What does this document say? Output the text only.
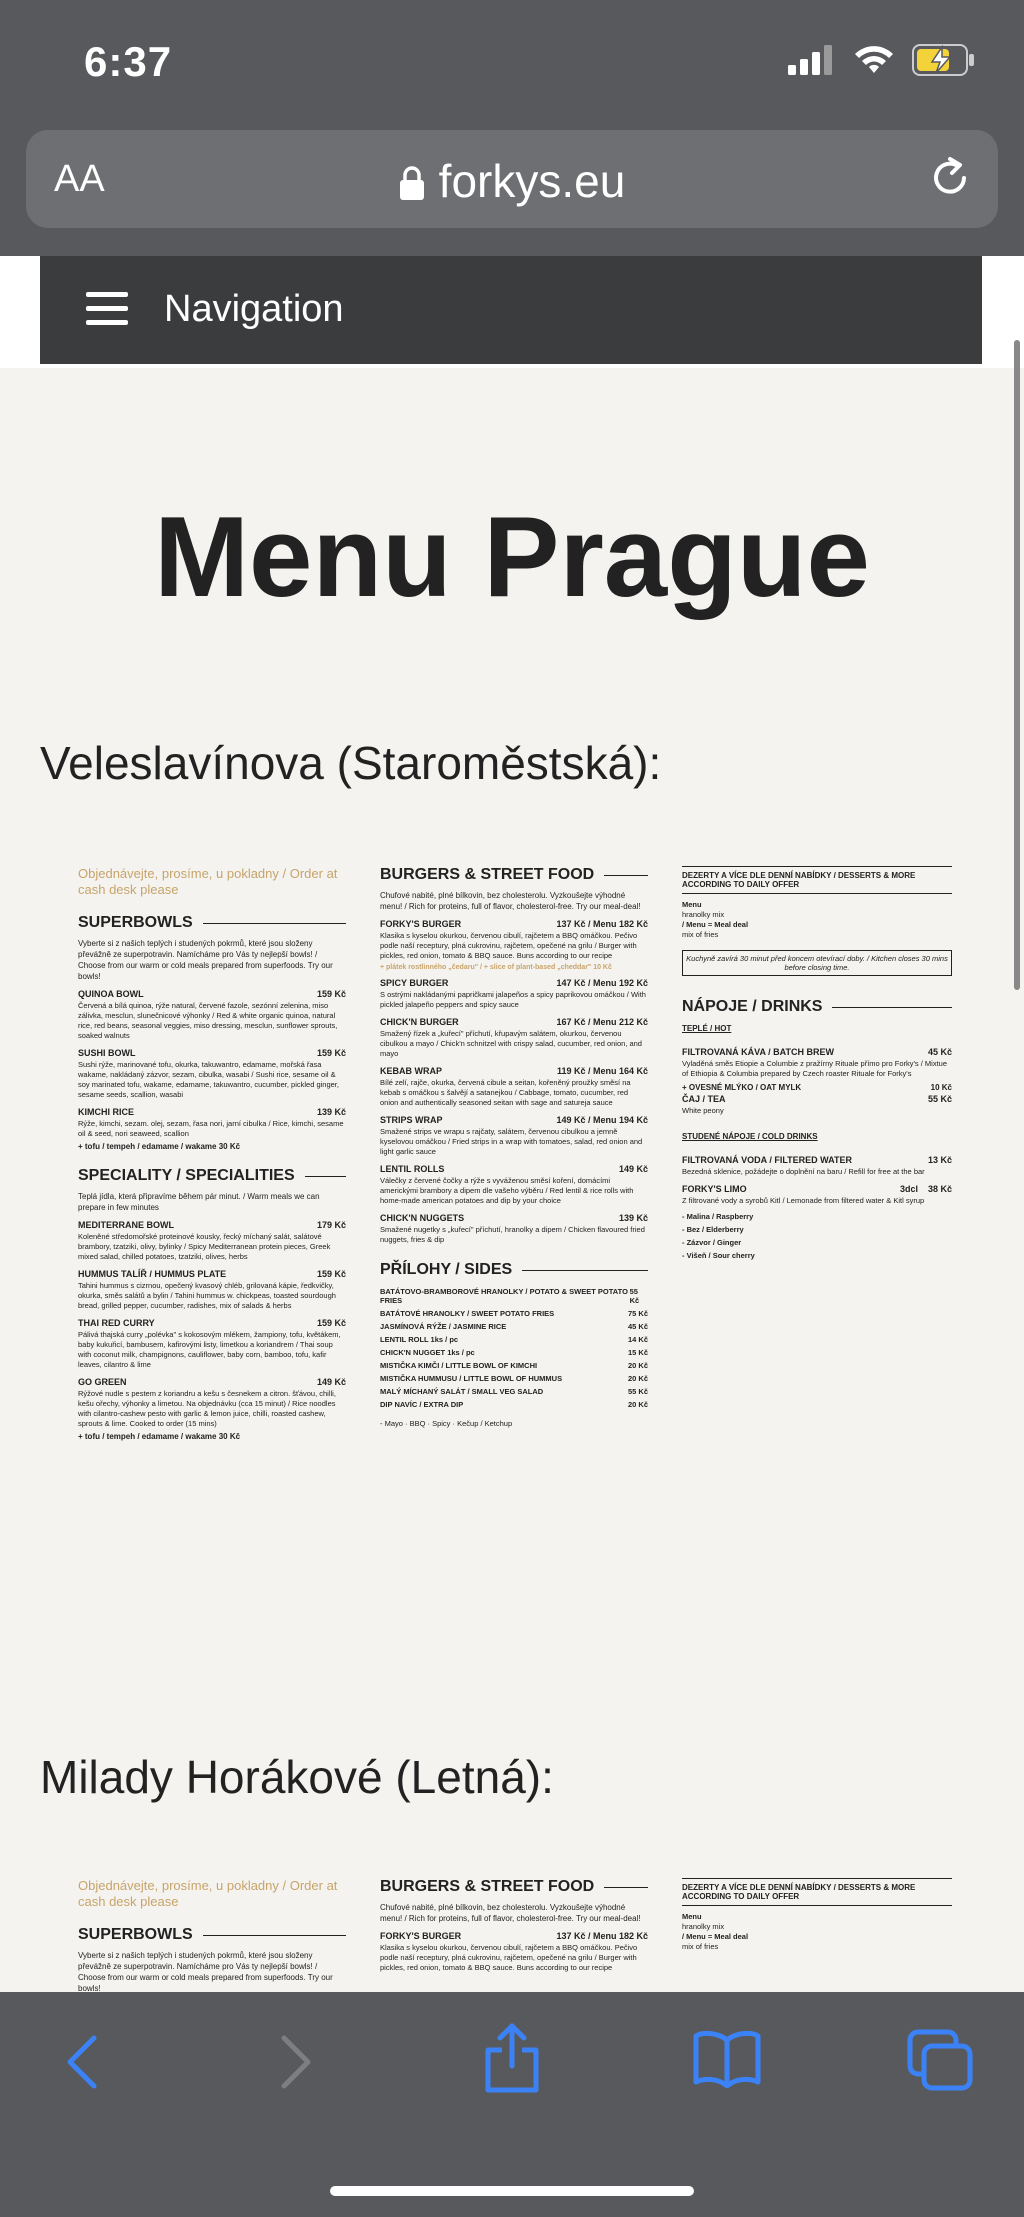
6:37
AA	forkys.eu
Navigation
Menu Prague
Veleslavínova (Staroměstská):
Objednávejte, prosíme, u pokladny / Order at cash desk please
SUPERBOWLS
Vyberte si z našich teplých i studených pokrmů, které jsou složeny převážně ze superpotravin. Namícháme pro Vás ty nejlepší bowls! / Choose from our warm or cold meals prepared from superfoods. Try our bowls!
QUINOA BOWL	159 Kč
Červená a bílá quinoa, rýže natural, červené fazole, sezónní zelenina, miso zálivka, mesclun, slunečnicové výhonky / Red & white organic quinoa, natural rice, red beans, seasonal veggies, miso dressing, mesclun, sunflower sprouts, soaked walnuts
SUSHI BOWL	159 Kč
Sushi rýže, marinované tofu, okurka, takuwantro, edamame, mořská řasa wakame, nakládaný zázvor, sezam, cibulka, wasabi / Sushi rice, sesame oil & soy marinated tofu, wakame, edamame, takuwantro, cucumber, pickled ginger, sesame seeds, scallion, wasabi
KIMCHI RICE	139 Kč
Rýže, kimchi, sezam. olej, sezam, řasa nori, jarní cibulka / Rice, kimchi, sesame oil & seed, nori seaweed, scallion
+ tofu / tempeh / edamame / wakame 30 Kč
SPECIALITY / SPECIALITIES
Teplá jídla, která připravíme během pár minut. / Warm meals we can prepare in few minutes
MEDITERRANE BOWL	179 Kč
Koleněné středomořské proteinové kousky, řecký míchaný salát, salátové brambory, tzatziki, olivy, bylinky / Spicy Mediterranean protein pieces, Greek mixed salad, chilled potatoes, tzatziki, olives, herbs
HUMMUS TALÍŘ / HUMMUS PLATE	159 Kč
Tahini hummus s cizrnou, opečený kvasový chléb, grilovaná kápie, ředkvičky, okurka, směs salátů a bylin / Tahini hummus w. chickpeas, toasted sourdough bread, grilled pepper, cucumber, radishes, mix of salads & herbs
THAI RED CURRY	159 Kč
Pálivá thajská curry „polévka" s kokosovým mlékem, žampiony, tofu, květákem, baby kukuřicí, bambusem, kafirovými listy, limetkou a koriandrem / Thai soup with coconut milk, champignons, cauliflower, baby corn, bamboo, tofu, kafir leaves, cilantro & lime
GO GREEN	149 Kč
Rýžové nudle s pestem z koriandru a kešu s česnekem a citron. šťávou, chilli, kešu ořechy, výhonky a limetou. Na objednávku (cca 15 minut) / Rice noodles with cilantro-cashew pesto with garlic & lemon juice, chilli, roasted cashew, sprouts & lime. Cooked to order (15 mins)
+ tofu / tempeh / edamame / wakame 30 Kč
BURGERS & STREET FOOD
Chufové nabité, plné bílkovin, bez cholesterolu. Vyzkoušejte výhodné menu! / Rich for proteins, full of flavor, cholesterol-free. Try our meal-deal!
FORKY'S BURGER	137 Kč / Menu 182 Kč
Klasika s kyselou okurkou, červenou cibulí, rajčetem a BBQ omáčkou. Pečivo podle naší receptury, plná cukrovinu, rajčetem, opečené na grilu / Burger with pickles, red onion, tomato & BBQ sauce. Buns according to our recipe
+ plátek rostlinného „čedaru" / + slice of plant-based „cheddar" 10 Kč
SPICY BURGER	147 Kč / Menu 192 Kč
S ostrými nakládanými papričkami jalapeños a spicy paprikovou omáčkou / With pickled jalapeño peppers and spicy sauce
CHICK'N BURGER	167 Kč / Menu 212 Kč
Smažený řízek a „kuřecí" příchutí, křupavým salátem, okurkou, červenou cibulkou a mayo / Chick'n schnitzel with crispy salad, cucumber, red onion, and mayo
KEBAB WRAP	119 Kč / Menu 164 Kč
Bílé zelí, rajče, okurka, červená cibule a seitan, kořeněný proužky směsí na kebab s omáčkou s šalvějí a satanejkou / Cabbage, tomato, cucumber, red onion and authentically seasoned seitan with sage and satureja sauce
STRIPS WRAP	149 Kč / Menu 194 Kč
Smažené strips ve wrapu s rajčaty, salátem, červenou cibulkou a jemně kyselovou omáčkou / Fried strips in a wrap with tomatoes, salad, red onion and light garlic sauce
LENTIL ROLLS	149 Kč
Válečky z červené čočky a rýže s vyváženou směsí koření, domácími americkými brambory a dipem dle vašeho výběru / Red lentil & rice rolls with home-made american potatoes and dip by your choice
CHICK'N NUGGETS	139 Kč
Smažené nugetky s „kuřecí" příchutí, hranolky a dipem / Chicken flavoured fried nuggets, fries & dip
PŘÍLOHY / SIDES
BATÁTOVO-BRAMBOROVÉ HRANOLKY / POTATO & SWEET POTATO FRIES
55 Kč
BATÁTOVÉ HRANOLKY / SWEET POTATO FRIES	75 Kč
JASMÍNOVÁ RÝŽE / JASMINE RICE	45 Kč
LENTIL ROLL 1ks / pc	14 Kč
CHICK'N NUGGET 1ks / pc	15 Kč
MISTIČKA KIMČI / LITTLE BOWL OF KIMCHI	20 Kč
MISTIČKA HUMMUSU / LITTLE BOWL OF HUMMUS	20 Kč
MALÝ MÍCHANÝ SALÁT / SMALL VEG SALAD	55 Kč
DIP NAVÍC / EXTRA DIP	20 Kč
- Mayo · BBQ · Spicy · Kečup / Ketchup
DEZERTY A VÍCE DLE DENNÍ NABÍDKY / DESSERTS & MORE ACCORDING TO DAILY OFFER
Menu
hranolky mix
/ Menu = Meal deal
mix of fries
Kuchyně zavírá 30 minut před koncem otevírací doby. / Kitchen closes 30 mins before closing time.
NÁPOJE / DRINKS
TEPLÉ / HOT
FILTROVANÁ KÁVA / BATCH BREW	45 Kč
Vyladěná směs Etiopie a Columbie z pražírny Rituale přímo pro Forky's / Mixtue of Ethiopia & Columbia prepared by Czech roaster Rituale for Forky's
+ OVESNÉ MLÝKO / OAT MYLK	10 Kč
ČAJ / TEA	55 Kč
White peony
STUDENÉ NÁPOJE / COLD DRINKS
FILTROVANÁ VODA / FILTERED WATER	13 Kč
Bezedná sklenice, požádejte o doplnění na baru / Refill for free at the bar
FORKY'S LIMO	3dcl 38 Kč
Z filtrované vody a syrobů Kitl / Lemonade from filtered water & Kitl syrup
- Malina / Raspberry
- Bez / Elderberry
- Zázvor / Ginger
- Višeň / Sour cherry
Milady Horákové (Letná):
Objednávejte, prosíme, u pokladny / Order at cash desk please
SUPERBOWLS
Vyberte si z našich teplých i studených pokrmů, které jsou složeny převážně ze superpotravin. Namícháme pro Vás ty nejlepší bowls! / Choose from our warm or cold meals prepared from superfoods. Try our bowls!
BURGERS & STREET FOOD
Chufové nabité, plné bílkovin, bez cholesterolu. Vyzkoušejte výhodné menu! / Rich for proteins, full of flavor, cholesterol-free. Try our meal-deal!
FORKY'S BURGER	137 Kč / Menu 182 Kč
Klasika s kyselou okurkou, červenou cibulí, rajčetem a BBQ omáčkou. Pečivo podle naší receptury, plná cukrovinu, rajčetem, opečené na grilu / Burger with pickles, red onion, tomato & BBQ sauce. Buns according to our recipe
DEZERTY A VÍCE DLE DENNÍ NABÍDKY / DESSERTS & MORE ACCORDING TO DAILY OFFER
Menu
hranolky mix
/ Menu = Meal deal
mix of fries
